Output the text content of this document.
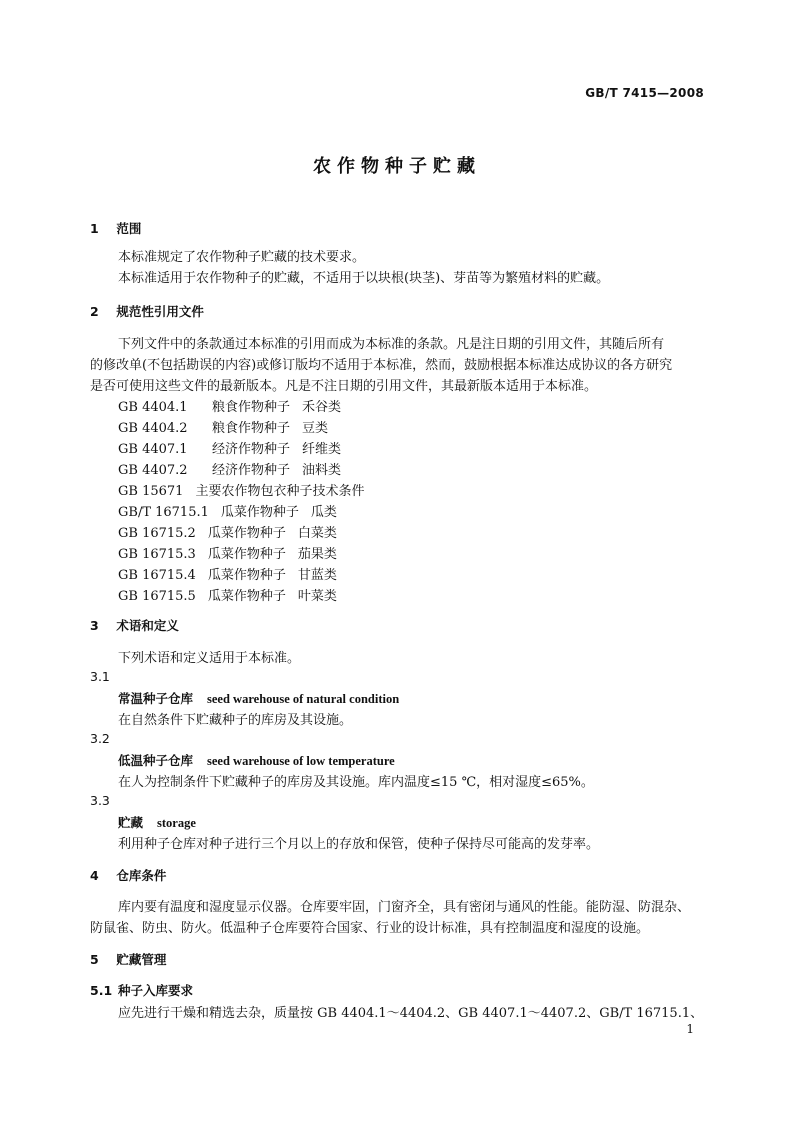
GB/T 7415—2008
农作物种子贮藏
1 范围
本标准规定了农作物种子贮藏的技术要求。
本标准适用于农作物种子的贮藏，不适用于以块根(块茎)、芽苗等为繁殖材料的贮藏。
2 规范性引用文件
下列文件中的条款通过本标准的引用而成为本标准的条款。凡是注日期的引用文件，其随后所有
的修改单(不包括勘误的内容)或修订版均不适用于本标准，然而，鼓励根据本标准达成协议的各方研究
是否可使用这些文件的最新版本。凡是不注日期的引用文件，其最新版本适用于本标准。
GB 4404.1 粮食作物种子 禾谷类
GB 4404.2 粮食作物种子 豆类
GB 4407.1 经济作物种子 纤维类
GB 4407.2 经济作物种子 油料类
GB 15671 主要农作物包衣种子技术条件
GB/T 16715.1 瓜菜作物种子 瓜类
GB 16715.2 瓜菜作物种子 白菜类
GB 16715.3 瓜菜作物种子 茄果类
GB 16715.4 瓜菜作物种子 甘蓝类
GB 16715.5 瓜菜作物种子 叶菜类
3 术语和定义
下列术语和定义适用于本标准。
3.1
常温种子仓库 seed warehouse of natural condition
在自然条件下贮藏种子的库房及其设施。
3.2
低温种子仓库 seed warehouse of low temperature
在人为控制条件下贮藏种子的库房及其设施。库内温度≤15 ℃，相对湿度≤65%。
3.3
贮藏 storage
利用种子仓库对种子进行三个月以上的存放和保管，使种子保持尽可能高的发芽率。
4 仓库条件
库内要有温度和湿度显示仪器。仓库要牢固，门窗齐全，具有密闭与通风的性能。能防湿、防混杂、
防鼠雀、防虫、防火。低温种子仓库要符合国家、行业的设计标准，具有控制温度和湿度的设施。
5 贮藏管理
5.1 种子入库要求
应先进行干燥和精选去杂，质量按 GB 4404.1～4404.2、GB 4407.1～4407.2、GB/T 16715.1、
1
